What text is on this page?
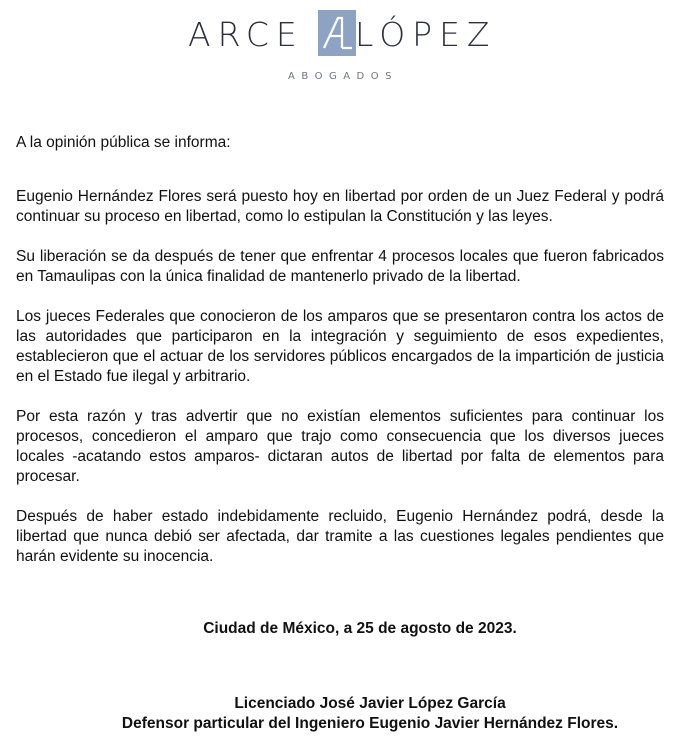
ARCE LÓPEZ
ABOGADOS

A la opinión pública se informa:

Eugenio Hernández Flores será puesto hoy en libertad por orden de un Juez Federal y podrá continuar su proceso en libertad, como lo estipulan la Constitución y las leyes.

Su liberación se da después de tener que enfrentar 4 procesos locales que fueron fabricados en Tamaulipas con la única finalidad de mantenerlo privado de la libertad.

Los jueces Federales que conocieron de los amparos que se presentaron contra los actos de las autoridades que participaron en la integración y seguimiento de esos expedientes, establecieron que el actuar de los servidores públicos encargados de la impartición de justicia en el Estado fue ilegal y arbitrario.

Por esta razón y tras advertir que no existían elementos suficientes para continuar los procesos, concedieron el amparo que trajo como consecuencia que los diversos jueces locales -acatando estos amparos- dictaran autos de libertad por falta de elementos para procesar.

Después de haber estado indebidamente recluido, Eugenio Hernández podrá, desde la libertad que nunca debió ser afectada, dar tramite a las cuestiones legales pendientes que harán evidente su inocencia.

Ciudad de México, a 25 de agosto de 2023.
Licenciado José Javier López García
Defensor particular del Ingeniero Eugenio Javier Hernández Flores.
